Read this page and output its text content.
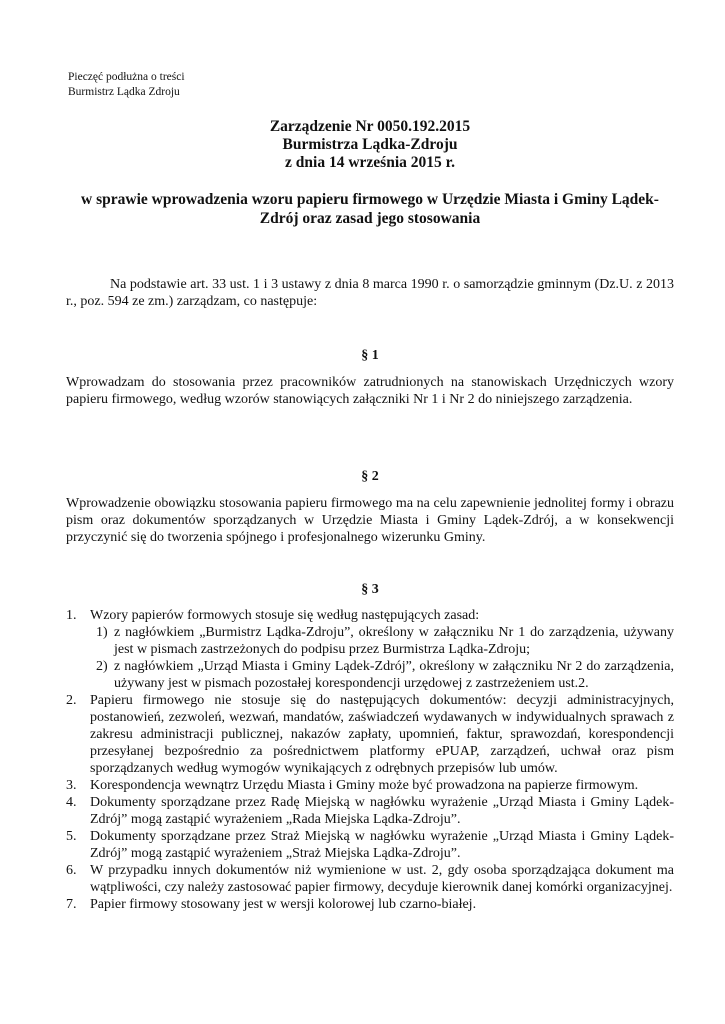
Pieczęć podłużna o treści
Burmistrz Lądka Zdroju
Zarządzenie Nr 0050.192.2015
Burmistrza Lądka-Zdroju
z dnia 14 września 2015 r.
w sprawie wprowadzenia wzoru papieru firmowego w Urzędzie Miasta i Gminy Lądek-Zdrój oraz zasad jego stosowania
Na podstawie art. 33 ust. 1 i 3 ustawy z dnia 8 marca 1990 r. o samorządzie gminnym (Dz.U. z 2013 r., poz. 594 ze zm.) zarządzam, co następuje:
§ 1
Wprowadzam do stosowania przez pracowników zatrudnionych na stanowiskach Urzędniczych wzory papieru firmowego, według wzorów stanowiących załączniki Nr 1 i Nr 2 do niniejszego zarządzenia.
§ 2
Wprowadzenie obowiązku stosowania papieru firmowego ma na celu zapewnienie jednolitej formy i obrazu pism oraz dokumentów sporządzanych w Urzędzie Miasta i Gminy Lądek-Zdrój, a w konsekwencji przyczynić się do tworzenia spójnego i profesjonalnego wizerunku Gminy.
§ 3
1. Wzory papierów formowych stosuje się według następujących zasad:
1) z nagłówkiem „Burmistrz Lądka-Zdroju”, określony w załączniku Nr 1 do zarządzenia, używany jest w pismach zastrzeżonych do podpisu przez Burmistrza Lądka-Zdroju;
2) z nagłówkiem „Urząd Miasta i Gminy Lądek-Zdrój”, określony w załączniku Nr 2 do zarządzenia, używany jest w pismach pozostałej korespondencji urzędowej z zastrzeżeniem ust.2.
2. Papieru firmowego nie stosuje się do następujących dokumentów: decyzji administracyjnych, postanowień, zezwoleń, wezwań, mandatów, zaświadczeń wydawanych w indywidualnych sprawach z zakresu administracji publicznej, nakazów zapłaty, upomnień, faktur, sprawozdań, korespondencji przesyłanej bezpośrednio za pośrednictwem platformy ePUAP, zarządzeń, uchwał oraz pism sporządzanych według wymogów wynikających z odrębnych przepisów lub umów.
3. Korespondencja wewnątrz Urzędu Miasta i Gminy może być prowadzona na papierze firmowym.
4. Dokumenty sporządzane przez Radę Miejską w nagłówku wyrażenie „Urząd Miasta i Gminy Lądek-Zdrój” mogą zastąpić wyrażeniem „Rada Miejska Lądka-Zdroju”.
5. Dokumenty sporządzane przez Straż Miejską w nagłówku wyrażenie „Urząd Miasta i Gminy Lądek-Zdrój” mogą zastąpić wyrażeniem „Straż Miejska Lądka-Zdroju”.
6. W przypadku innych dokumentów niż wymienione w ust. 2, gdy osoba sporządzająca dokument ma wątpliwości, czy należy zastosować papier firmowy, decyduje kierownik danej komórki organizacyjnej.
7. Papier firmowy stosowany jest w wersji kolorowej lub czarno-białej.
